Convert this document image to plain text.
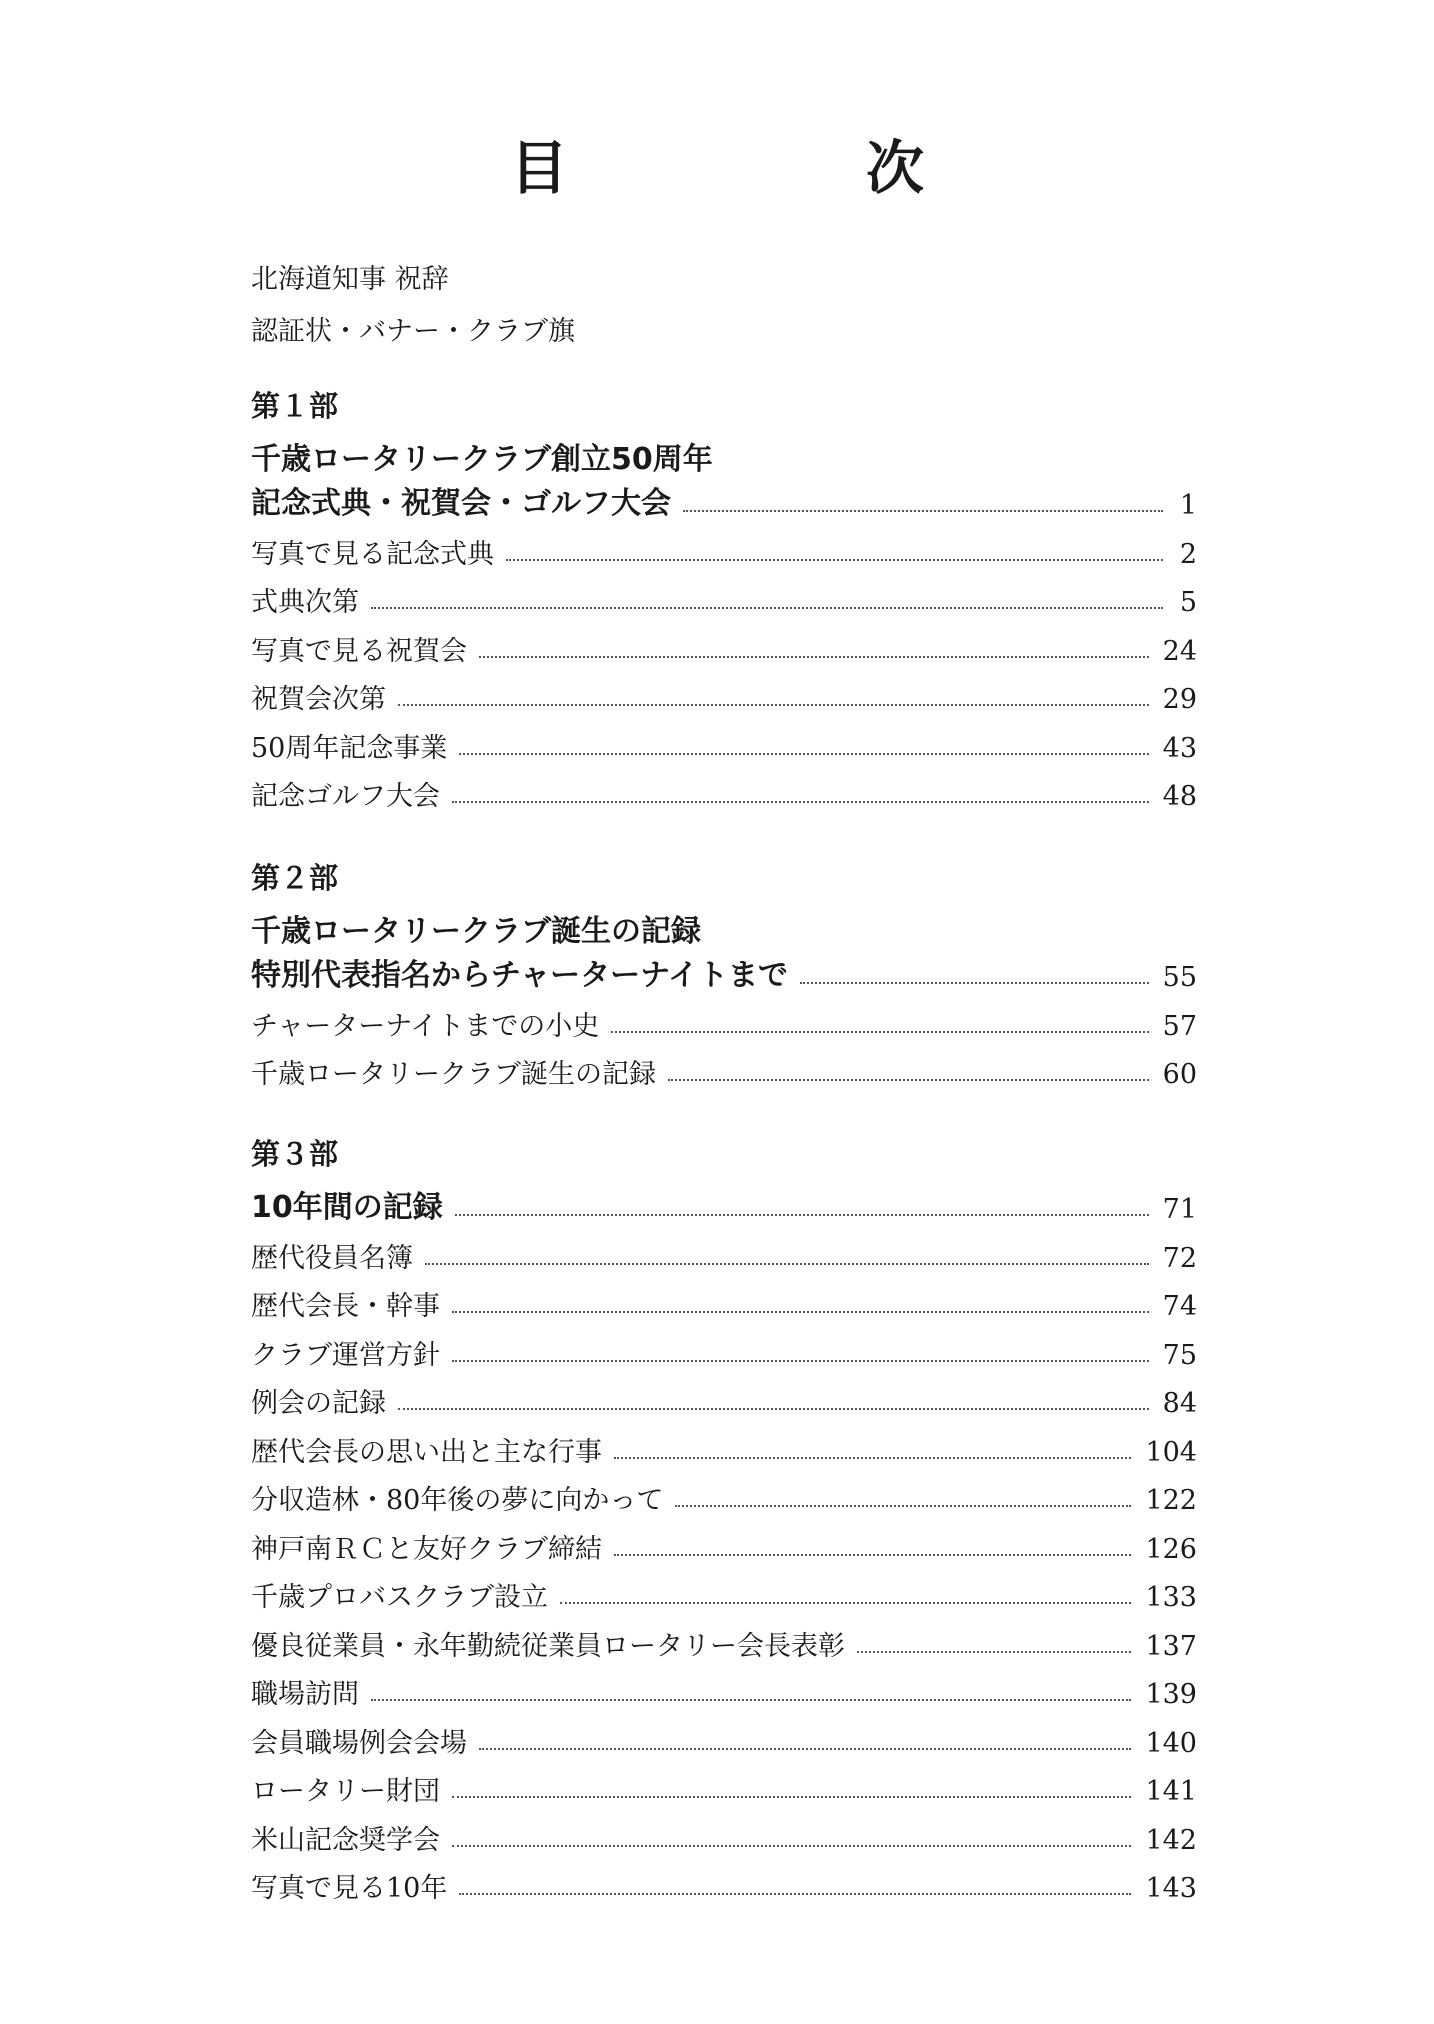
目　次
北海道知事 祝辞
認証状・バナー・クラブ旗
第１部
千歳ロータリークラブ創立50周年
記念式典・祝賀会・ゴルフ大会	1
写真で見る記念式典	2
式典次第	5
写真で見る祝賀会	24
祝賀会次第	29
50周年記念事業	43
記念ゴルフ大会	48
第２部
千歳ロータリークラブ誕生の記録
特別代表指名からチャーターナイトまで	55
チャーターナイトまでの小史	57
千歳ロータリークラブ誕生の記録	60
第３部
10年間の記録	71
歴代役員名簿	72
歴代会長・幹事	74
クラブ運営方針	75
例会の記録	84
歴代会長の思い出と主な行事	104
分収造林・80年後の夢に向かって	122
神戸南ＲＣと友好クラブ締結	126
千歳プロバスクラブ設立	133
優良従業員・永年勤続従業員ロータリー会長表彰	137
職場訪問	139
会員職場例会会場	140
ロータリー財団	141
米山記念奨学会	142
写真で見る10年	143
